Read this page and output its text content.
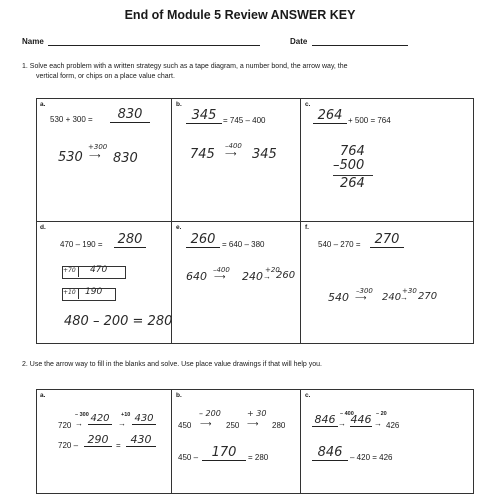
End of Module 5 Review ANSWER KEY
Name	Date
1. Solve each problem with a written strategy such as a tape diagram, a number bond, the arrow way, the
vertical form, or chips on a place value chart.
a.
530 + 300 =	830
530
+300
⟶ 830
b.
345 = 745 – 400
745
–400
⟶ 345
c.
264 + 500 = 764
764
–500
264
d.
470 – 190 = 280
+70 470
+10 190
480 – 200 = 280
e.
260 = 640 – 380
640 –400
⟶ 240 +20
→ 260
f.
540 – 270 =	270
540 –300
⟶ 240
+30
→ 270
2. Use the arrow way to fill in the blanks and solve. Use place value drawings if that will help you.
a.
720
– 300
→ 420	+10
→ 430
720 – 290 = 430
b.
450
– 200
⟶ 250
+ 30
⟶ 280
450 –	170	= 280
c.
846 – 400
→ 446 – 20
→ 426
846 – 420 = 426
